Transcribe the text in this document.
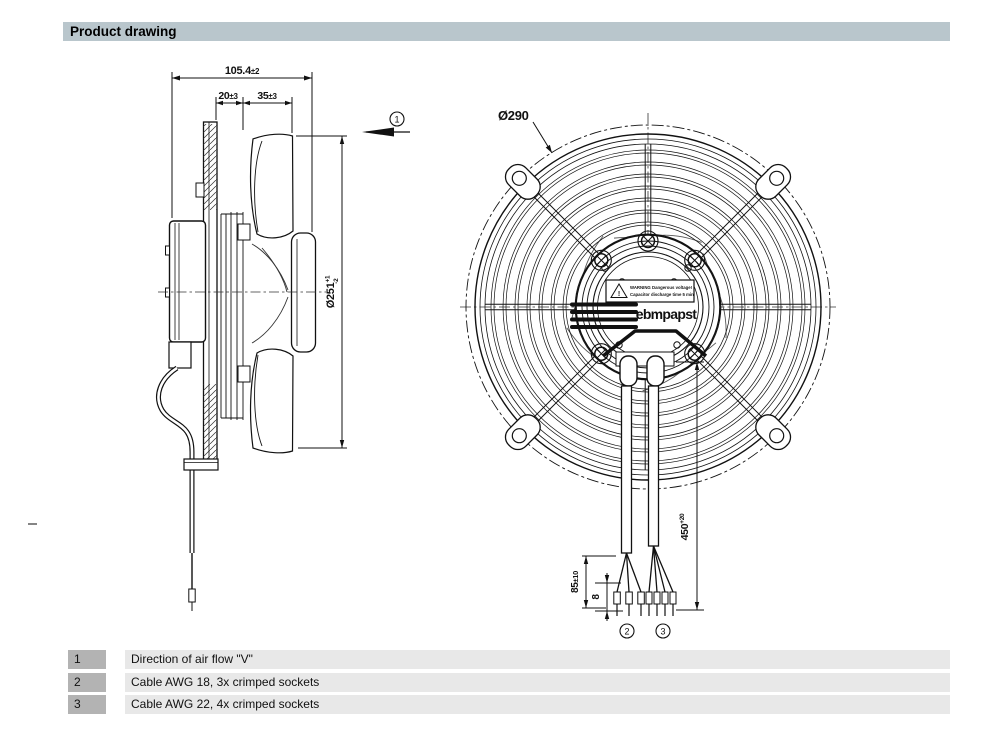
Product drawing
105.4±2
20±3 35±3
$Ø251^{+1}$ -2
1	Ø290
$450^{+20}$
85±10
8
2	3
!
WARNING Dangerous voltage!
Capacitor discharge time 5 min
ebmpapst
1	Direction of air flow "V"
2	Cable AWG 18, 3x crimped sockets
3	Cable AWG 22, 4x crimped sockets
